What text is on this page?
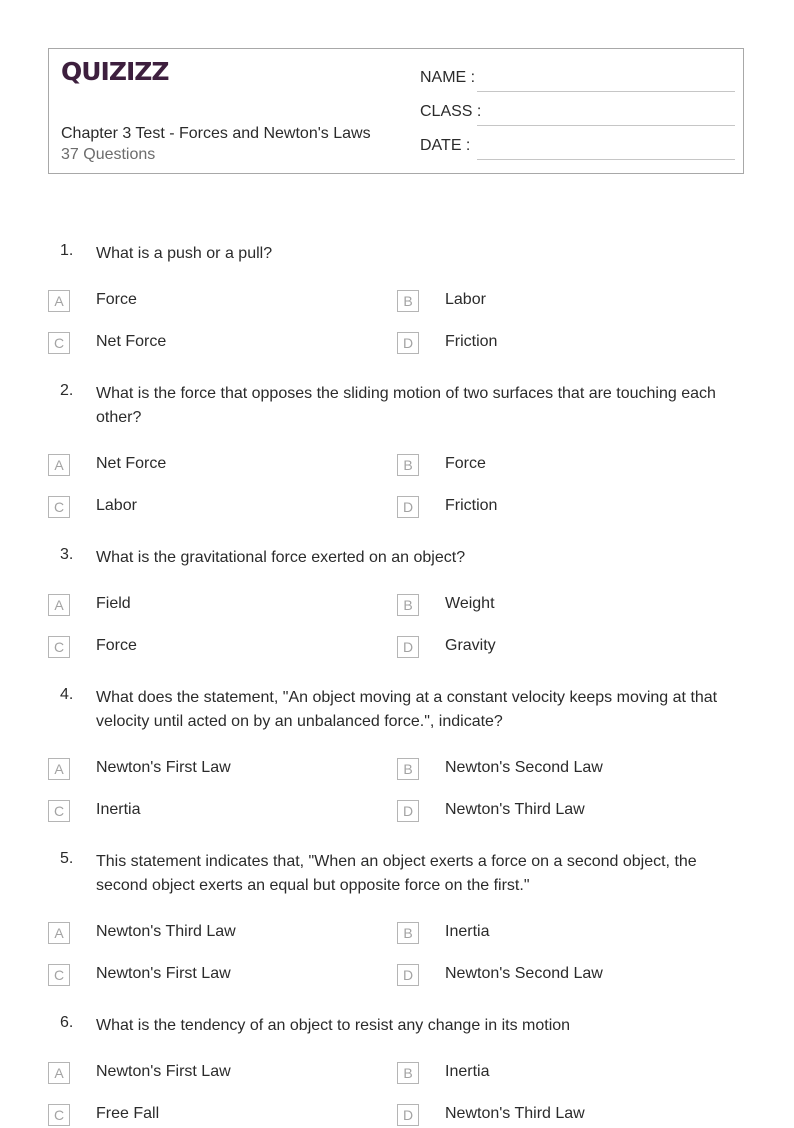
QUIZIZZ
Chapter 3 Test - Forces and Newton's Laws
37 Questions
NAME :
CLASS :
DATE :
1. What is a push or a pull?
A	Force	B	Labor
C	Net Force	D	Friction
2. What is the force that opposes the sliding motion of two surfaces that are touching each other?
A	Net Force	B	Force
C	Labor	D	Friction
3. What is the gravitational force exerted on an object?
A	Field	B	Weight
C	Force	D	Gravity
4. What does the statement, "An object moving at a constant velocity keeps moving at that velocity until acted on by an unbalanced force.", indicate?
A	Newton's First Law	B	Newton's Second Law
C	Inertia	D	Newton's Third Law
5. This statement indicates that, "When an object exerts a force on a second object, the second object exerts an equal but opposite force on the first."
A	Newton's Third Law	B	Inertia
C	Newton's First Law	D	Newton's Second Law
6. What is the tendency of an object to resist any change in its motion
A	Newton's First Law	B	Inertia
C	Free Fall	D	Newton's Third Law
